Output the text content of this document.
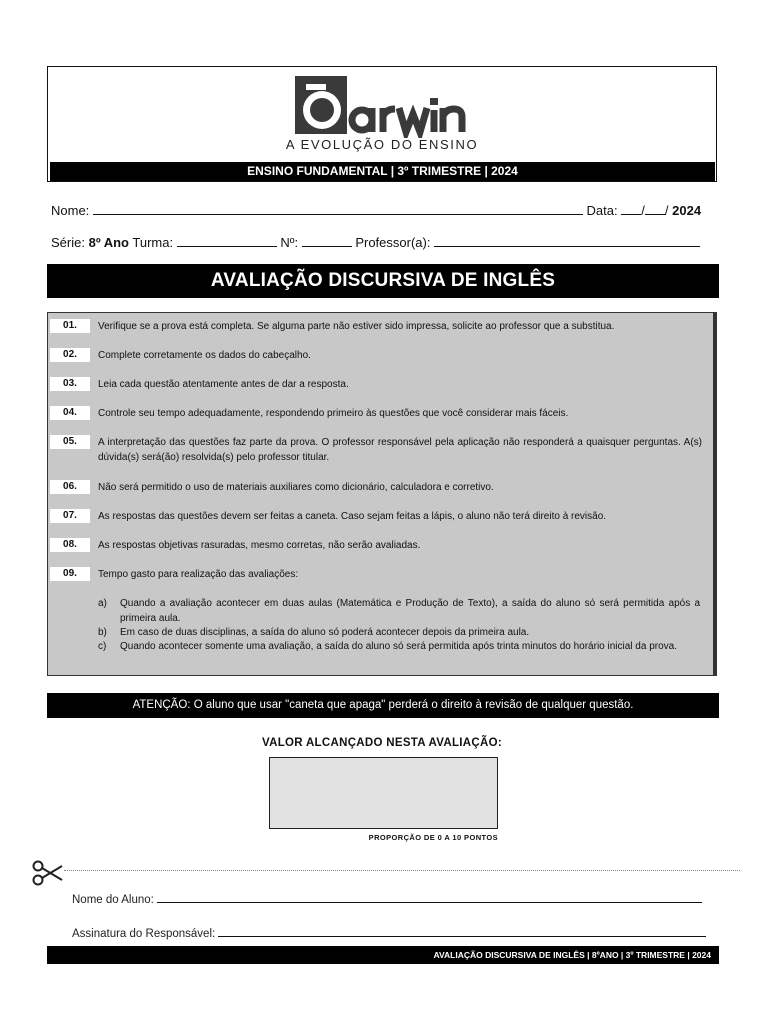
A EVOLUÇÃO DO ENSINO
ENSINO FUNDAMENTAL | 3º TRIMESTRE | 2024
Nome:	Data: / / 2024
Série: 8º Ano Turma:	Nº:	Professor(a):
AVALIAÇÃO DISCURSIVA DE INGLÊS
01.	Verifique se a prova está completa. Se alguma parte não estiver sido impressa, solicite ao professor que a substitua.
02.	Complete corretamente os dados do cabeçalho.
03.	Leia cada questão atentamente antes de dar a resposta.
04.	Controle seu tempo adequadamente, respondendo primeiro às questões que você considerar mais fáceis.
05.	A interpretação das questões faz parte da prova. O professor responsável pela aplicação não responderá a quaisquer perguntas. A(s) dúvida(s) será(ão) resolvida(s) pelo professor titular.
06.	Não será permitido o uso de materiais auxiliares como dicionário, calculadora e corretivo.
07.	As respostas das questões devem ser feitas a caneta. Caso sejam feitas a lápis, o aluno não terá direito à revisão.
08.	As respostas objetivas rasuradas, mesmo corretas, não serão avaliadas.
09.	Tempo gasto para realização das avaliações:
a) Quando a avaliação acontecer em duas aulas (Matemática e Produção de Texto), a saída do aluno só será permitida após a primeira aula.
b) Em caso de duas disciplinas, a saída do aluno só poderá acontecer depois da primeira aula.
c) Quando acontecer somente uma avaliação, a saída do aluno só será permitida após trinta minutos do horário inicial da prova.
ATENÇÃO: O aluno que usar "caneta que apaga" perderá o direito à revisão de qualquer questão.
VALOR ALCANÇADO NESTA AVALIAÇÃO:
PROPORÇÃO DE 0 A 10 PONTOS
Nome do Aluno:
Assinatura do Responsável:
AVALIAÇÃO DISCURSIVA DE INGLÊS | 8ºANO | 3º TRIMESTRE | 2024
